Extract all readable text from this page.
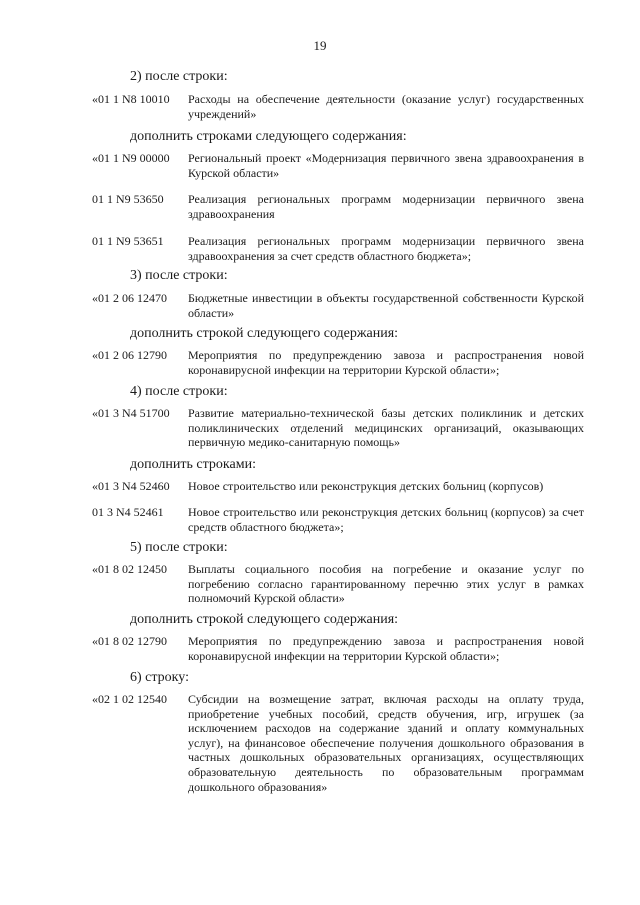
19
2) после строки:
«01 1 N8 10010 Расходы на обеспечение деятельности (оказание услуг) государственных учреждений»
дополнить строками следующего содержания:
«01 1 N9 00000 Региональный проект «Модернизация первичного звена здравоохранения в Курской области»
01 1 N9 53650 Реализация региональных программ модернизации первичного звена здравоохранения
01 1 N9 53651 Реализация региональных программ модернизации первичного звена здравоохранения за счет средств областного бюджета»;
3) после строки:
«01 2 06 12470 Бюджетные инвестиции в объекты государственной собственности Курской области»
дополнить строкой следующего содержания:
«01 2 06 12790 Мероприятия по предупреждению завоза и распространения новой коронавирусной инфекции на территории Курской области»;
4) после строки:
«01 3 N4 51700 Развитие материально-технической базы детских поликлиник и детских поликлинических отделений медицинских организаций, оказывающих первичную медико-санитарную помощь»
дополнить строками:
«01 3 N4 52460 Новое строительство или реконструкция детских больниц (корпусов)
01 3 N4 52461 Новое строительство или реконструкция детских больниц (корпусов) за счет средств областного бюджета»;
5) после строки:
«01 8 02 12450 Выплаты социального пособия на погребение и оказание услуг по погребению согласно гарантированному перечню этих услуг в рамках полномочий Курской области»
дополнить строкой следующего содержания:
«01 8 02 12790 Мероприятия по предупреждению завоза и распространения новой коронавирусной инфекции на территории Курской области»;
6) строку:
«02 1 02 12540 Субсидии на возмещение затрат, включая расходы на оплату труда, приобретение учебных пособий, средств обучения, игр, игрушек (за исключением расходов на содержание зданий и оплату коммунальных услуг), на финансовое обеспечение получения дошкольного образования в частных дошкольных образовательных организациях, осуществляющих образовательную деятельность по образовательным программам дошкольного образования»
